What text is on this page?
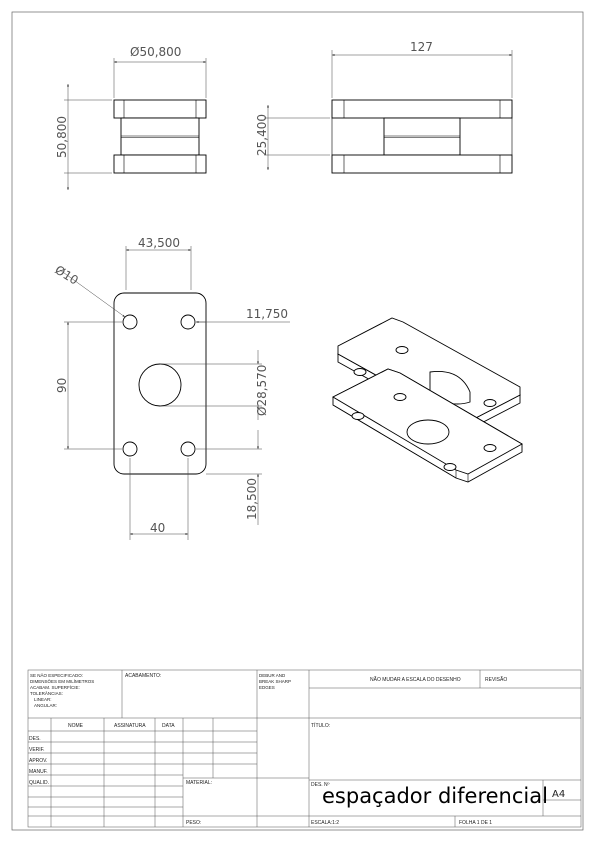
Ø50,800
50,800
127
25,400
43,500
Ø10
11,750
Ø28,570
90
18,500
40
SE NÃO ESPECIFICADO:
DIMENSÕES EM MILÍMETROS
ACABAM. SUPERFÍCIE:
TOLERÂNCIAS:
LINEAR:
ANGULAR:
ACABAMENTO:	DEBUR AND
BREAK SHARP
EDGES
NÃO MUDAR A ESCALA DO DESENHO	REVISÃO
NOME	ASSINATURA	DATA
DES.
VERIF.
APROV.
MANUF.
QUALID.
TÍTULO:
MATERIAL:	DES. Nº
espaçador diferencial A4
PESO:	ESCALA:1:2	FOLHA 1 DE 1
